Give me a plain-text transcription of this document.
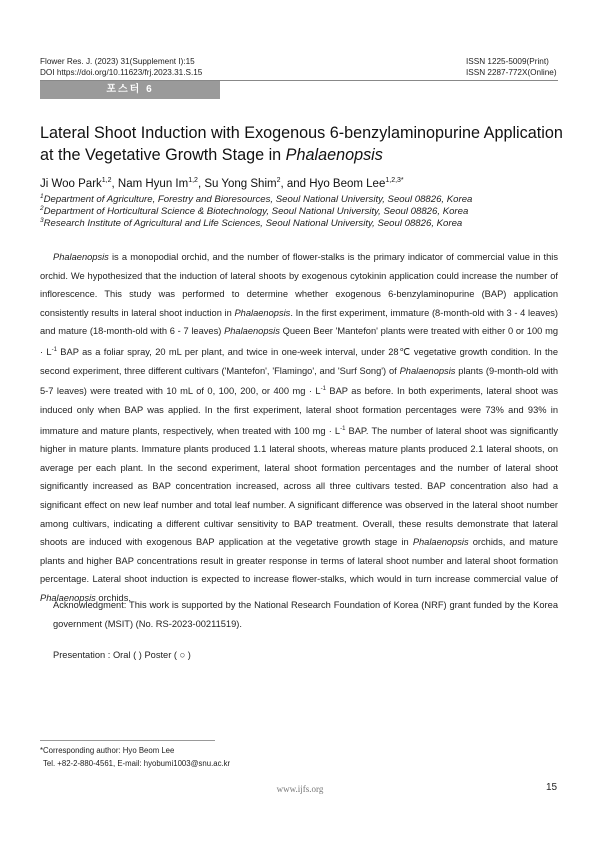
Flower Res. J. (2023) 31(Supplement I):15
DOI https://doi.org/10.11623/frj.2023.31.S.15
ISSN 1225-5009(Print)
ISSN 2287-772X(Online)
포스터 6
Lateral Shoot Induction with Exogenous 6-benzylaminopurine Application
at the Vegetative Growth Stage in Phalaenopsis
Ji Woo Park$^{1,2}$, Nam Hyun Im$^{1,2}$, Su Yong Shim$^2$, and Hyo Beom Lee$^{1,2,3*}$
$^1$Department of Agriculture, Forestry and Bioresources, Seoul National University, Seoul 08826, Korea
$^2$Department of Horticultural Science & Biotechnology, Seoul National University, Seoul 08826, Korea
$^3$Research Institute of Agricultural and Life Sciences, Seoul National University, Seoul 08826, Korea
Phalaenopsis is a monopodial orchid, and the number of flower-stalks is the primary indicator of commercial value in this orchid. We hypothesized that the induction of lateral shoots by exogenous cytokinin application could increase the number of inflorescence. This study was performed to determine whether exogenous 6-benzylaminopurine (BAP) application consistently results in lateral shoot induction in Phalaenopsis. In the first experiment, immature (8-month-old with 3 - 4 leaves) and mature (18-month-old with 6 - 7 leaves) Phalaenopsis Queen Beer 'Mantefon' plants were treated with either 0 or 100 mg · $L^{-1}$ BAP as a foliar spray, 20 mL per plant, and twice in one-week interval, under 28℃ vegetative growth condition. In the second experiment, three different cultivars ('Mantefon', 'Flamingo', and 'Surf Song') of Phalaenopsis plants (9-month-old with 5-7 leaves) were treated with 10 mL of 0, 100, 200, or 400 mg · $L^{-1}$ BAP as before. In both experiments, lateral shoot was induced only when BAP was applied. In the first experiment, lateral shoot formation percentages were 73% and 93% in immature and mature plants, respectively, when treated with 100 mg · $L^{-1}$ BAP. The number of lateral shoot was significantly higher in mature plants. Immature plants produced 1.1 lateral shoots, whereas mature plants produced 2.1 lateral shoots, on average per each plant. In the second experiment, lateral shoot formation percentages and the number of lateral shoot significantly increased as BAP concentration increased, across all three cultivars tested. BAP concentration also had a significant effect on new leaf number and total leaf number. A significant difference was observed in the lateral shoot number among cultivars, indicating a different cultivar sensitivity to BAP treatment. Overall, these results demonstrate that lateral shoots are induced with exogenous BAP application at the vegetative growth stage in Phalaenopsis orchids, and mature plants and higher BAP concentrations result in greater response in terms of lateral shoot number and lateral shoot formation percentage. Lateral shoot induction is expected to increase flower-stalks, which would in turn increase commercial value of Phalaenopsis orchids.
Acknowledgment: This work is supported by the National Research Foundation of Korea (NRF) grant funded by the Korea government (MSIT) (No. RS-2023-00211519).
Presentation : Oral ( ) Poster ( ○ )
*Corresponding author: Hyo Beom Lee
Tel. +82-2-880-4561, E-mail: hyobumi1003@snu.ac.kr
www.ijfs.org	15
